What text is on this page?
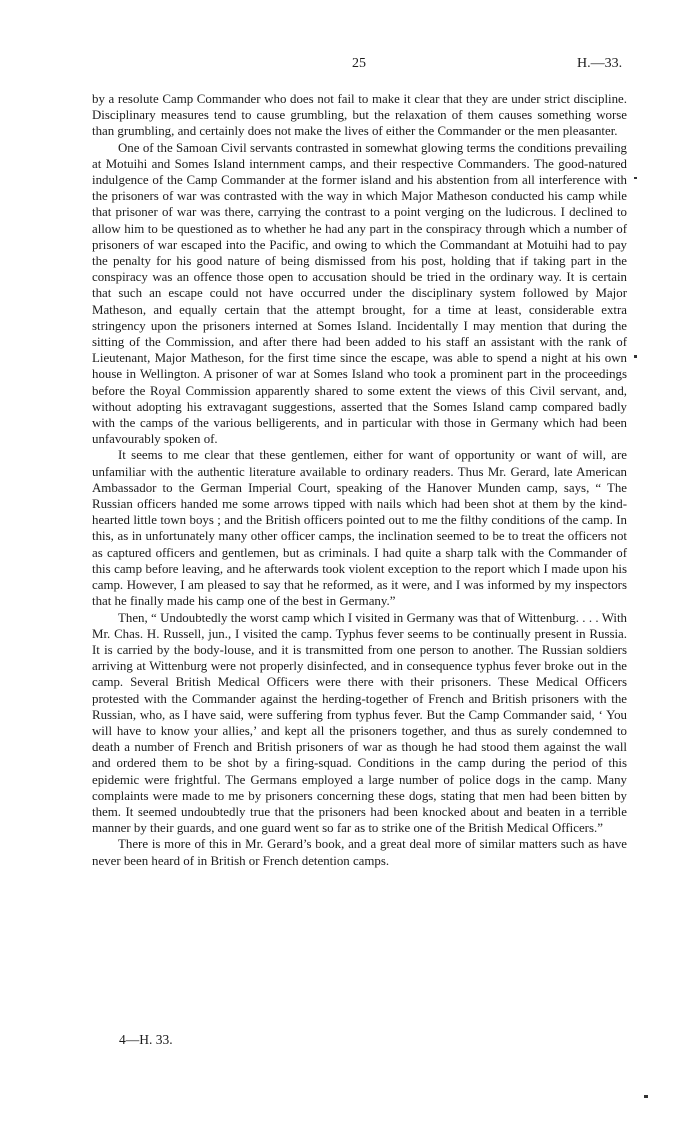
25	H.—33.

by a resolute Camp Commander who does not fail to make it clear that they are under strict discipline. Disciplinary measures tend to cause grumbling, but the relaxation of them causes something worse than grumbling, and certainly does not make the lives of either the Commander or the men pleasanter.

One of the Samoan Civil servants contrasted in somewhat glowing terms the conditions prevailing at Motuihi and Somes Island internment camps, and their respective Commanders. The good-natured indulgence of the Camp Commander at the former island and his abstention from all interference with the prisoners of war was contrasted with the way in which Major Matheson conducted his camp while that prisoner of war was there, carrying the contrast to a point verging on the ludicrous. I declined to allow him to be questioned as to whether he had any part in the conspiracy through which a number of prisoners of war escaped into the Pacific, and owing to which the Commandant at Motuihi had to pay the penalty for his good nature of being dismissed from his post, holding that if taking part in the conspiracy was an offence those open to accusation should be tried in the ordinary way. It is certain that such an escape could not have occurred under the disciplinary system followed by Major Matheson, and equally certain that the attempt brought, for a time at least, considerable extra stringency upon the prisoners interned at Somes Island. Incidentally I may mention that during the sitting of the Commission, and after there had been added to his staff an assistant with the rank of Lieutenant, Major Matheson, for the first time since the escape, was able to spend a night at his own house in Wellington. A prisoner of war at Somes Island who took a prominent part in the proceedings before the Royal Commission apparently shared to some extent the views of this Civil servant, and, without adopting his extravagant suggestions, asserted that the Somes Island camp compared badly with the camps of the various belligerents, and in particular with those in Germany which had been unfavourably spoken of.

It seems to me clear that these gentlemen, either for want of opportunity or want of will, are unfamiliar with the authentic literature available to ordinary readers. Thus Mr. Gerard, late American Ambassador to the German Imperial Court, speaking of the Hanover Munden camp, says, “ The Russian officers handed me some arrows tipped with nails which had been shot at them by the kind-hearted little town boys ; and the British officers pointed out to me the filthy conditions of the camp. In this, as in unfortunately many other officer camps, the inclination seemed to be to treat the officers not as captured officers and gentlemen, but as criminals. I had quite a sharp talk with the Commander of this camp before leaving, and he afterwards took violent exception to the report which I made upon his camp. However, I am pleased to say that he reformed, as it were, and I was informed by my inspectors that he finally made his camp one of the best in Germany.”

Then, “ Undoubtedly the worst camp which I visited in Germany was that of Wittenburg. . . . With Mr. Chas. H. Russell, jun., I visited the camp. Typhus fever seems to be continually present in Russia. It is carried by the body-louse, and it is transmitted from one person to another. The Russian soldiers arriving at Wittenburg were not properly disinfected, and in consequence typhus fever broke out in the camp. Several British Medical Officers were there with their prisoners. These Medical Officers protested with the Commander against the herding-together of French and British prisoners with the Russian, who, as I have said, were suffering from typhus fever. But the Camp Commander said, ‘ You will have to know your allies,’ and kept all the prisoners together, and thus as surely condemned to death a number of French and British prisoners of war as though he had stood them against the wall and ordered them to be shot by a firing-squad. Conditions in the camp during the period of this epidemic were frightful. The Germans employed a large number of police dogs in the camp. Many complaints were made to me by prisoners concerning these dogs, stating that men had been bitten by them. It seemed undoubtedly true that the prisoners had been knocked about and beaten in a terrible manner by their guards, and one guard went so far as to strike one of the British Medical Officers.”

There is more of this in Mr. Gerard’s book, and a great deal more of similar matters such as have never been heard of in British or French detention camps.

4—H. 33.
